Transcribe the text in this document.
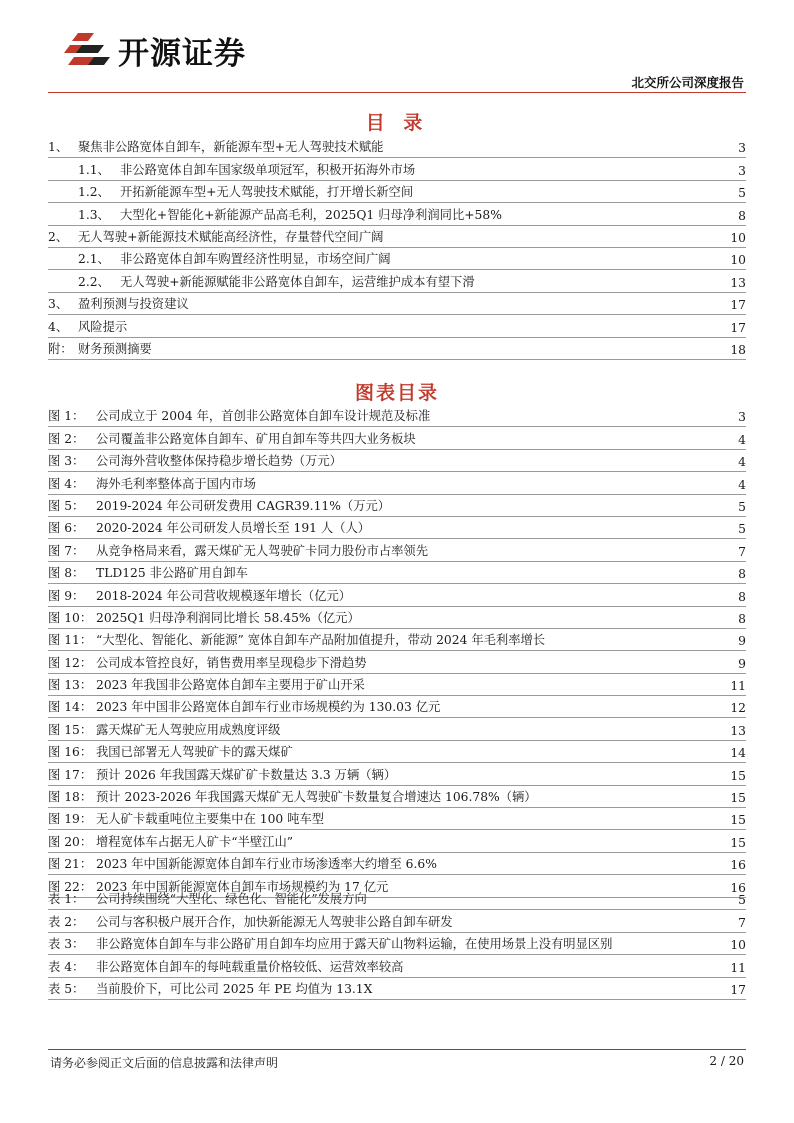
开源证券
北交所公司深度报告
目 录
1、 聚焦非公路宽体自卸车，新能源车型+无人驾驶技术赋能	3
1.1、 非公路宽体自卸车国家级单项冠军，积极开拓海外市场	3
1.2、 开拓新能源车型+无人驾驶技术赋能，打开增长新空间	5
1.3、 大型化+智能化+新能源产品高毛利，2025Q1 归母净利润同比+58%	8
2、 无人驾驶+新能源技术赋能高经济性，存量替代空间广阔	10
2.1、 非公路宽体自卸车购置经济性明显，市场空间广阔	10
2.2、 无人驾驶+新能源赋能非公路宽体自卸车，运营维护成本有望下滑	13
3、 盈利预测与投资建议	17
4、 风险提示	17
附： 财务预测摘要	18
图表目录
图 1： 公司成立于 2004 年，首创非公路宽体自卸车设计规范及标准	3
图 2： 公司覆盖非公路宽体自卸车、矿用自卸车等共四大业务板块	4
图 3： 公司海外营收整体保持稳步增长趋势（万元）	4
图 4： 海外毛利率整体高于国内市场	4
图 5： 2019-2024 年公司研发费用 CAGR39.11%（万元）	5
图 6： 2020-2024 年公司研发人员增长至 191 人（人）	5
图 7： 从竞争格局来看，露天煤矿无人驾驶矿卡同力股份市占率领先	7
图 8： TLD125 非公路矿用自卸车	8
图 9： 2018-2024 年公司营收规模逐年增长（亿元）	8
图 10： 2025Q1 归母净利润同比增长 58.45%（亿元）	8
图 11： “大型化、智能化、新能源” 宽体自卸车产品附加值提升，带动 2024 年毛利率增长	9
图 12： 公司成本管控良好，销售费用率呈现稳步下滑趋势	9
图 13： 2023 年我国非公路宽体自卸车主要用于矿山开采	11
图 14： 2023 年中国非公路宽体自卸车行业市场规模约为 130.03 亿元	12
图 15： 露天煤矿无人驾驶应用成熟度评级	13
图 16： 我国已部署无人驾驶矿卡的露天煤矿	14
图 17： 预计 2026 年我国露天煤矿矿卡数量达 3.3 万辆（辆）	15
图 18： 预计 2023-2026 年我国露天煤矿无人驾驶矿卡数量复合增速达 106.78%（辆）	15
图 19： 无人矿卡载重吨位主要集中在 100 吨车型	15
图 20： 增程宽体车占据无人矿卡“半壁江山”	15
图 21： 2023 年中国新能源宽体自卸车行业市场渗透率大约增至 6.6%	16
图 22： 2023 年中国新能源宽体自卸车市场规模约为 17 亿元	16
表 1： 公司持续围绕“大型化、绿色化、智能化”发展方向	5
表 2： 公司与客积极户展开合作，加快新能源无人驾驶非公路自卸车研发	7
表 3： 非公路宽体自卸车与非公路矿用自卸车均应用于露天矿山物料运输，在使用场景上没有明显区别	10
表 4： 非公路宽体自卸车的每吨载重量价格较低、运营效率较高	11
表 5： 当前股价下，可比公司 2025 年 PE 均值为 13.1X	17
请务必参阅正文后面的信息披露和法律声明	2 / 20
